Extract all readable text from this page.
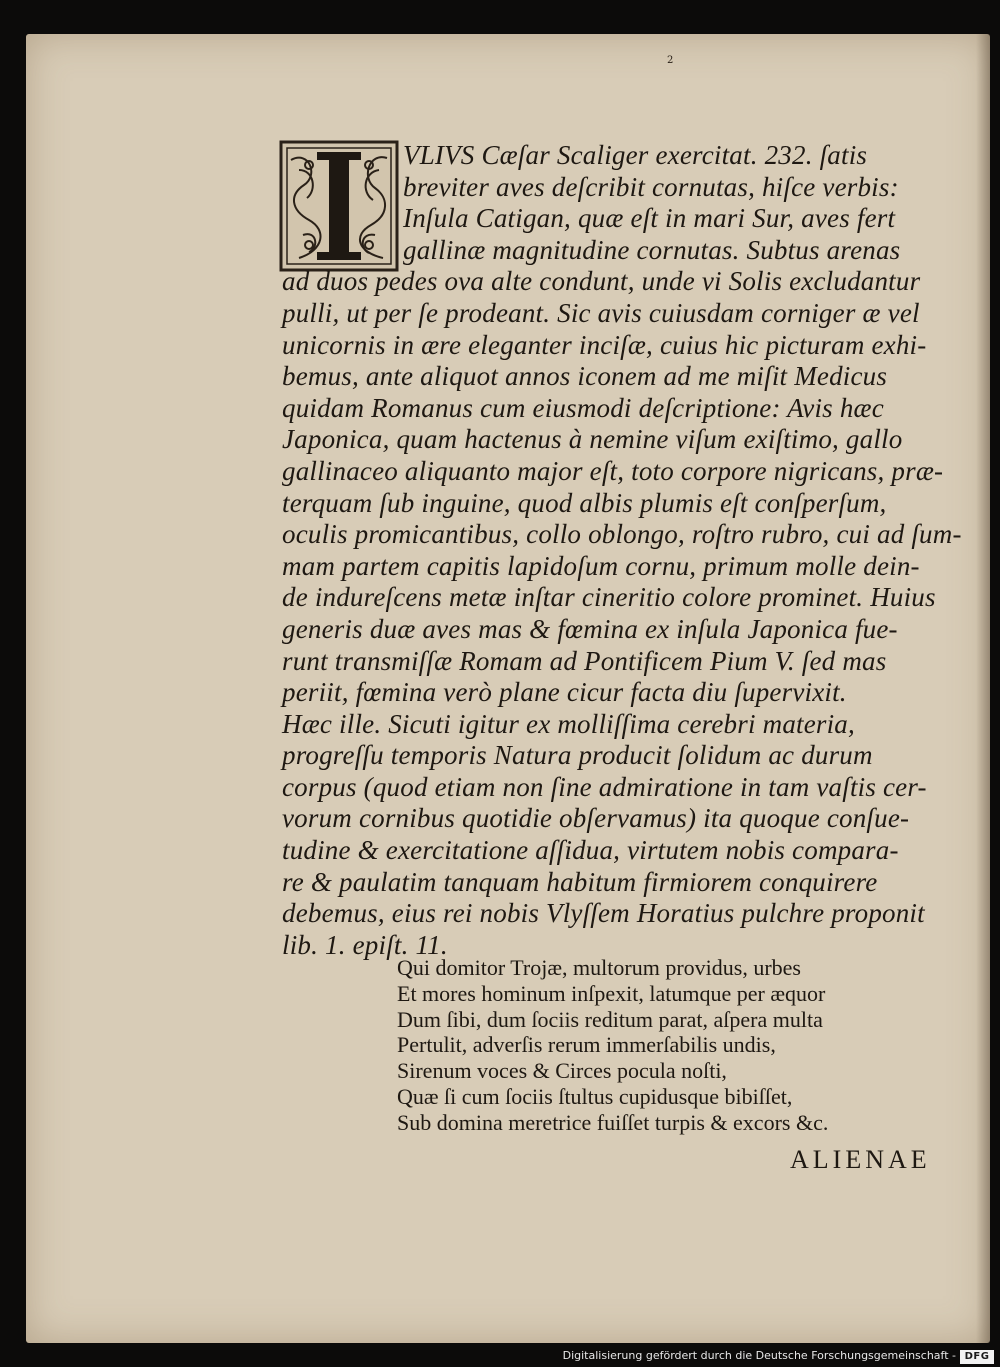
2
VLIVS Cæſar Scaliger exercitat. 232. ſatis
breviter aves deſcribit cornutas, hiſce verbis:
Inſula Catigan, quæ eſt in mari Sur, aves fert
gallinæ magnitudine cornutas. Subtus arenas
ad duos pedes ova alte condunt, unde vi Solis excludantur
pulli, ut per ſe prodeant. Sic avis cuiusdam corniger æ vel
unicornis in ære eleganter inciſæ, cuius hic picturam exhi-
bemus, ante aliquot annos iconem ad me miſit Medicus
quidam Romanus cum eiusmodi deſcriptione: Avis hæc
Japonica, quam hactenus à nemine viſum exiſtimo, gallo
gallinaceo aliquanto major eſt, toto corpore nigricans, præ-
terquam ſub inguine, quod albis plumis eſt conſperſum,
oculis promicantibus, collo oblongo, roſtro rubro, cui ad ſum-
mam partem capitis lapidoſum cornu, primum molle dein-
de indureſcens metæ inſtar cineritio colore prominet. Huius
generis duæ aves mas & fœmina ex inſula Japonica fue-
runt transmiſſæ Romam ad Pontificem Pium V. ſed mas
periit, fœmina verò plane cicur facta diu ſupervixit.
Hæc ille. Sicuti igitur ex molliſſima cerebri materia,
progreſſu temporis Natura producit ſolidum ac durum
corpus (quod etiam non ſine admiratione in tam vaſtis cer-
vorum cornibus quotidie obſervamus) ita quoque conſue-
tudine & exercitatione aſſidua, virtutem nobis compara-
re & paulatim tanquam habitum firmiorem conquirere
debemus, eius rei nobis Vlyſſem Horatius pulchre proponit
lib. 1. epiſt. 11.
Qui domitor Trojæ, multorum providus, urbes
Et mores hominum inſpexit, latumque per æquor
Dum ſibi, dum ſociis reditum parat, aſpera multa
Pertulit, adverſis rerum immerſabilis undis,
Sirenum voces & Circes pocula noſti,
Quæ ſi cum ſociis ſtultus cupidusque bibiſſet,
Sub domina meretrice fuiſſet turpis & excors &c.
ALIENAE
Digitalisierung gefördert durch die Deutsche Forschungsgemeinschaft - DFG
